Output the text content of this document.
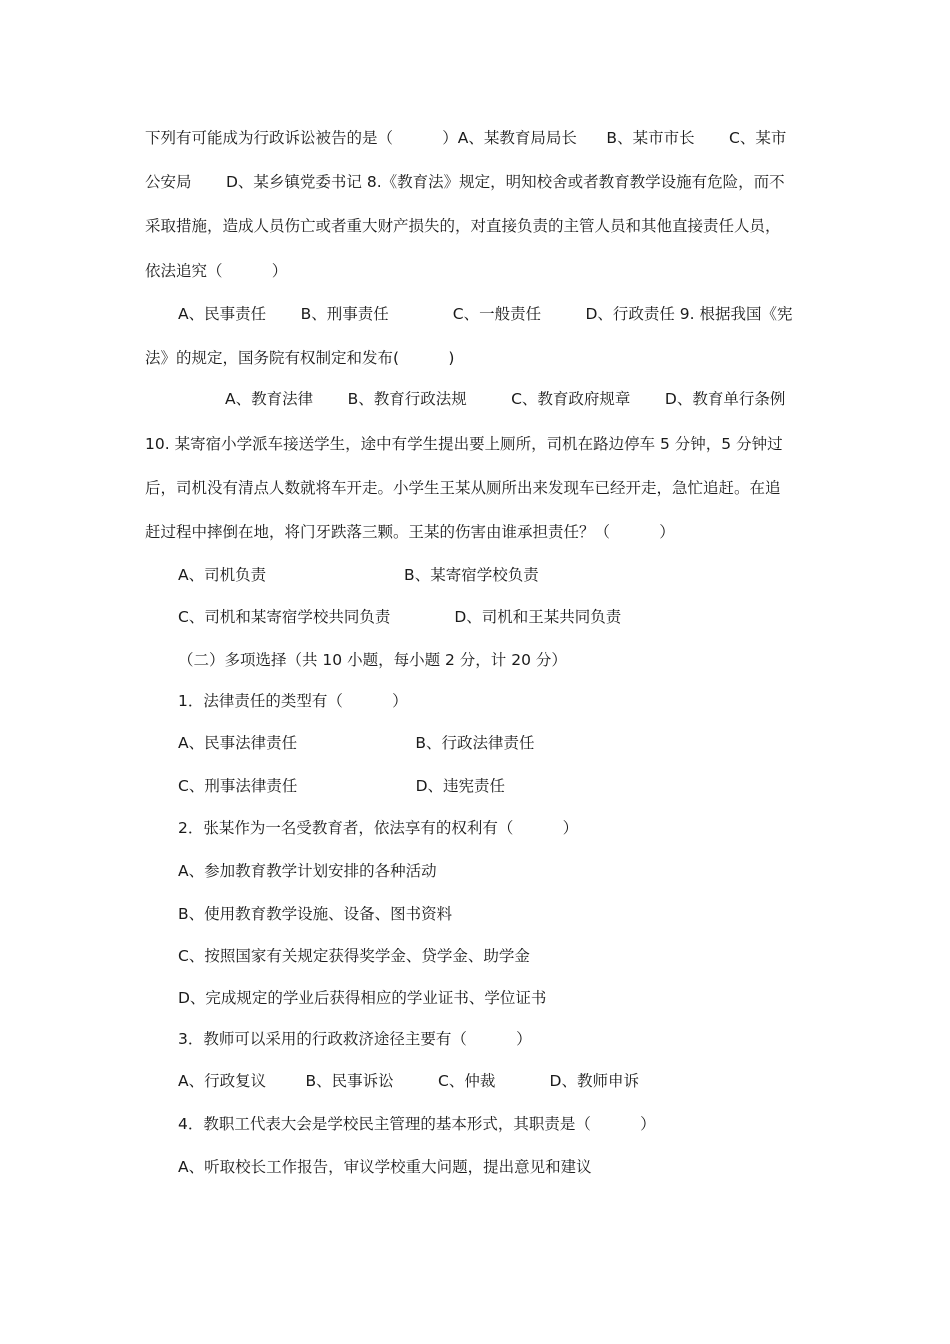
下列有可能成为行政诉讼被告的是（          ）A、某教育局局长      B、某市市长       C、某市
公安局       D、某乡镇党委书记 8.《教育法》规定，明知校舍或者教育教学设施有危险，而不
采取措施，造成人员伤亡或者重大财产损失的，对直接负责的主管人员和其他直接责任人员，
依法追究（          ）
A、民事责任       B、刑事责任             C、一般责任         D、行政责任 9. 根据我国《宪
法》的规定，国务院有权制定和发布(          )
A、教育法律       B、教育行政法规         C、教育政府规章       D、教育单行条例
10. 某寄宿小学派车接送学生，途中有学生提出要上厕所，司机在路边停车 5 分钟，5 分钟过
后，司机没有清点人数就将车开走。小学生王某从厕所出来发现车已经开走，急忙追赶。在追
赶过程中摔倒在地，将门牙跌落三颗。王某的伤害由谁承担责任？（          ）
A、司机负责                            B、某寄宿学校负责
C、司机和某寄宿学校共同负责             D、司机和王某共同负责
（二）多项选择（共 10 小题，每小题 2 分，计 20 分）
1．法律责任的类型有（          ）
A、民事法律责任                        B、行政法律责任
C、刑事法律责任                        D、违宪责任
2．张某作为一名受教育者，依法享有的权利有（          ）
A、参加教育教学计划安排的各种活动
B、使用教育教学设施、设备、图书资料
C、按照国家有关规定获得奖学金、贷学金、助学金
D、完成规定的学业后获得相应的学业证书、学位证书
3．教师可以采用的行政救济途径主要有（          ）
A、行政复议        B、民事诉讼         C、仲裁           D、教师申诉
4．教职工代表大会是学校民主管理的基本形式，其职责是（          ）
A、听取校长工作报告，审议学校重大问题，提出意见和建议
